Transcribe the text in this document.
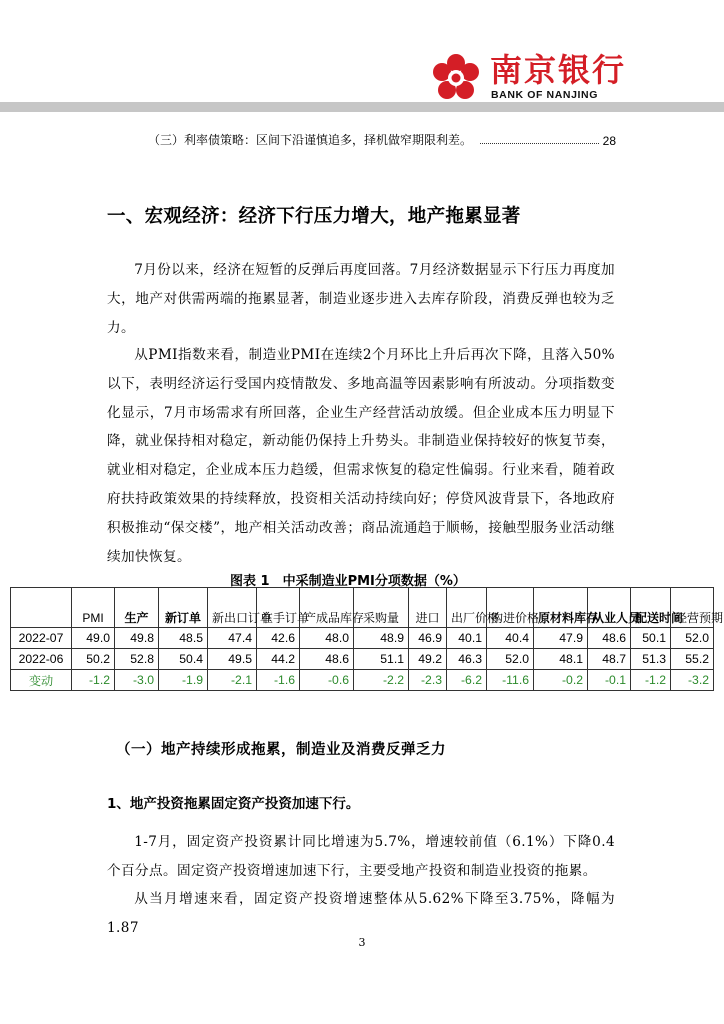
南京银行
BANK OF NANJING
（三）利率债策略：区间下沿谨慎追多，择机做窄期限利差。	28
一、宏观经济：经济下行压力增大，地产拖累显著

7月份以来，经济在短暂的反弹后再度回落。7月经济数据显示下行压力再度加大，地产对供需两端的拖累显著，制造业逐步进入去库存阶段，消费反弹也较为乏力。

从PMI指数来看，制造业PMI在连续2个月环比上升后再次下降，且落入50%以下，表明经济运行受国内疫情散发、多地高温等因素影响有所波动。分项指数变化显示，7月市场需求有所回落，企业生产经营活动放缓。但企业成本压力明显下降，就业保持相对稳定，新动能仍保持上升势头。非制造业保持较好的恢复节奏，就业相对稳定，企业成本压力趋缓，但需求恢复的稳定性偏弱。行业来看，随着政府扶持政策效果的持续释放，投资相关活动持续向好；停贷风波背景下，各地政府积极推动“保交楼”，地产相关活动改善；商品流通趋于顺畅，接触型服务业活动继续加快恢复。

图表 1　中采制造业PMI分项数据（%）
	PMI	生产	新订单	新出口订单	在手订单	产成品库存	采购量	进口	出厂价格	购进价格	原材料库存	从业人员	配送时间	经营预期
2022-07	49.0	49.8	48.5	47.4	42.6	48.0	48.9	46.9	40.1	40.4	47.9	48.6	50.1	52.0
2022-06	50.2	52.8	50.4	49.5	44.2	48.6	51.1	49.2	46.3	52.0	48.1	48.7	51.3	55.2
变动	-1.2	-3.0	-1.9	-2.1	-1.6	-0.6	-2.2	-2.3	-6.2	-11.6	-0.2	-0.1	-1.2	-3.2
（一）地产持续形成拖累，制造业及消费反弹乏力
1、地产投资拖累固定资产投资加速下行。

1-7月，固定资产投资累计同比增速为5.7%，增速较前值（6.1%）下降0.4个百分点。固定资产投资增速加速下行，主要受地产投资和制造业投资的拖累。

从当月增速来看，固定资产投资增速整体从5.62%下降至3.75%，降幅为1.87

3
